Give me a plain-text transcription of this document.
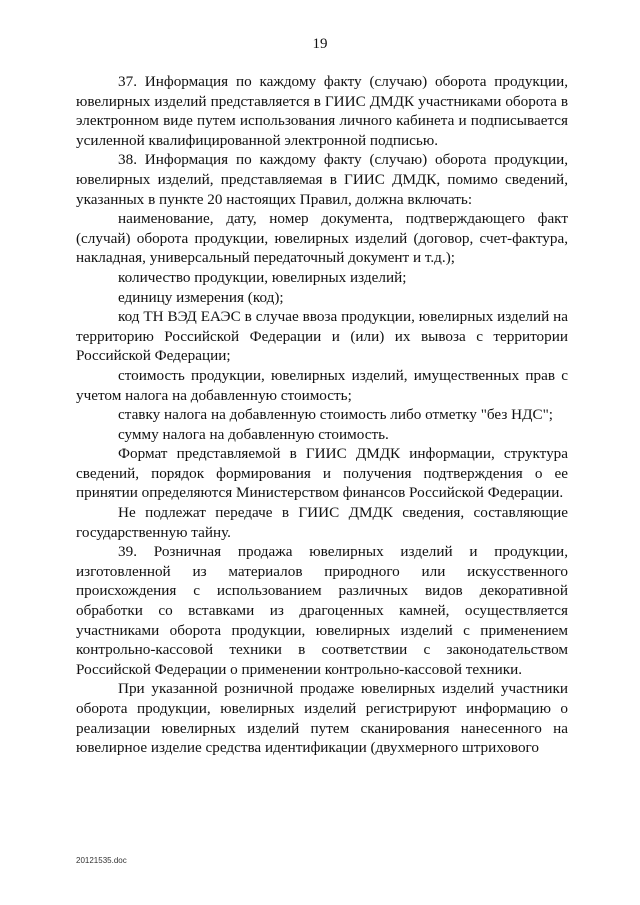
19

37. Информация по каждому факту (случаю) оборота продукции, ювелирных изделий представляется в ГИИС ДМДК участниками оборота в электронном виде путем использования личного кабинета и подписывается усиленной квалифицированной электронной подписью.

38. Информация по каждому факту (случаю) оборота продукции, ювелирных изделий, представляемая в ГИИС ДМДК, помимо сведений, указанных в пункте 20 настоящих Правил, должна включать:

наименование, дату, номер документа, подтверждающего факт (случай) оборота продукции, ювелирных изделий (договор, счет-фактура, накладная, универсальный передаточный документ и т.д.);

количество продукции, ювелирных изделий;

единицу измерения (код);

код ТН ВЭД ЕАЭС в случае ввоза продукции, ювелирных изделий на территорию Российской Федерации и (или) их вывоза с территории Российской Федерации;

стоимость продукции, ювелирных изделий, имущественных прав с учетом налога на добавленную стоимость;

ставку налога на добавленную стоимость либо отметку "без НДС";

сумму налога на добавленную стоимость.

Формат представляемой в ГИИС ДМДК информации, структура сведений, порядок формирования и получения подтверждения о ее принятии определяются Министерством финансов Российской Федерации.

Не подлежат передаче в ГИИС ДМДК сведения, составляющие государственную тайну.

39. Розничная продажа ювелирных изделий и продукции, изготовленной из материалов природного или искусственного происхождения с использованием различных видов декоративной обработки со вставками из драгоценных камней, осуществляется участниками оборота продукции, ювелирных изделий с применением контрольно-кассовой техники в соответствии с законодательством Российской Федерации о применении контрольно-кассовой техники.

При указанной розничной продаже ювелирных изделий участники оборота продукции, ювелирных изделий регистрируют информацию о реализации ювелирных изделий путем сканирования нанесенного на ювелирное изделие средства идентификации (двухмерного штрихового

20121535.doc
